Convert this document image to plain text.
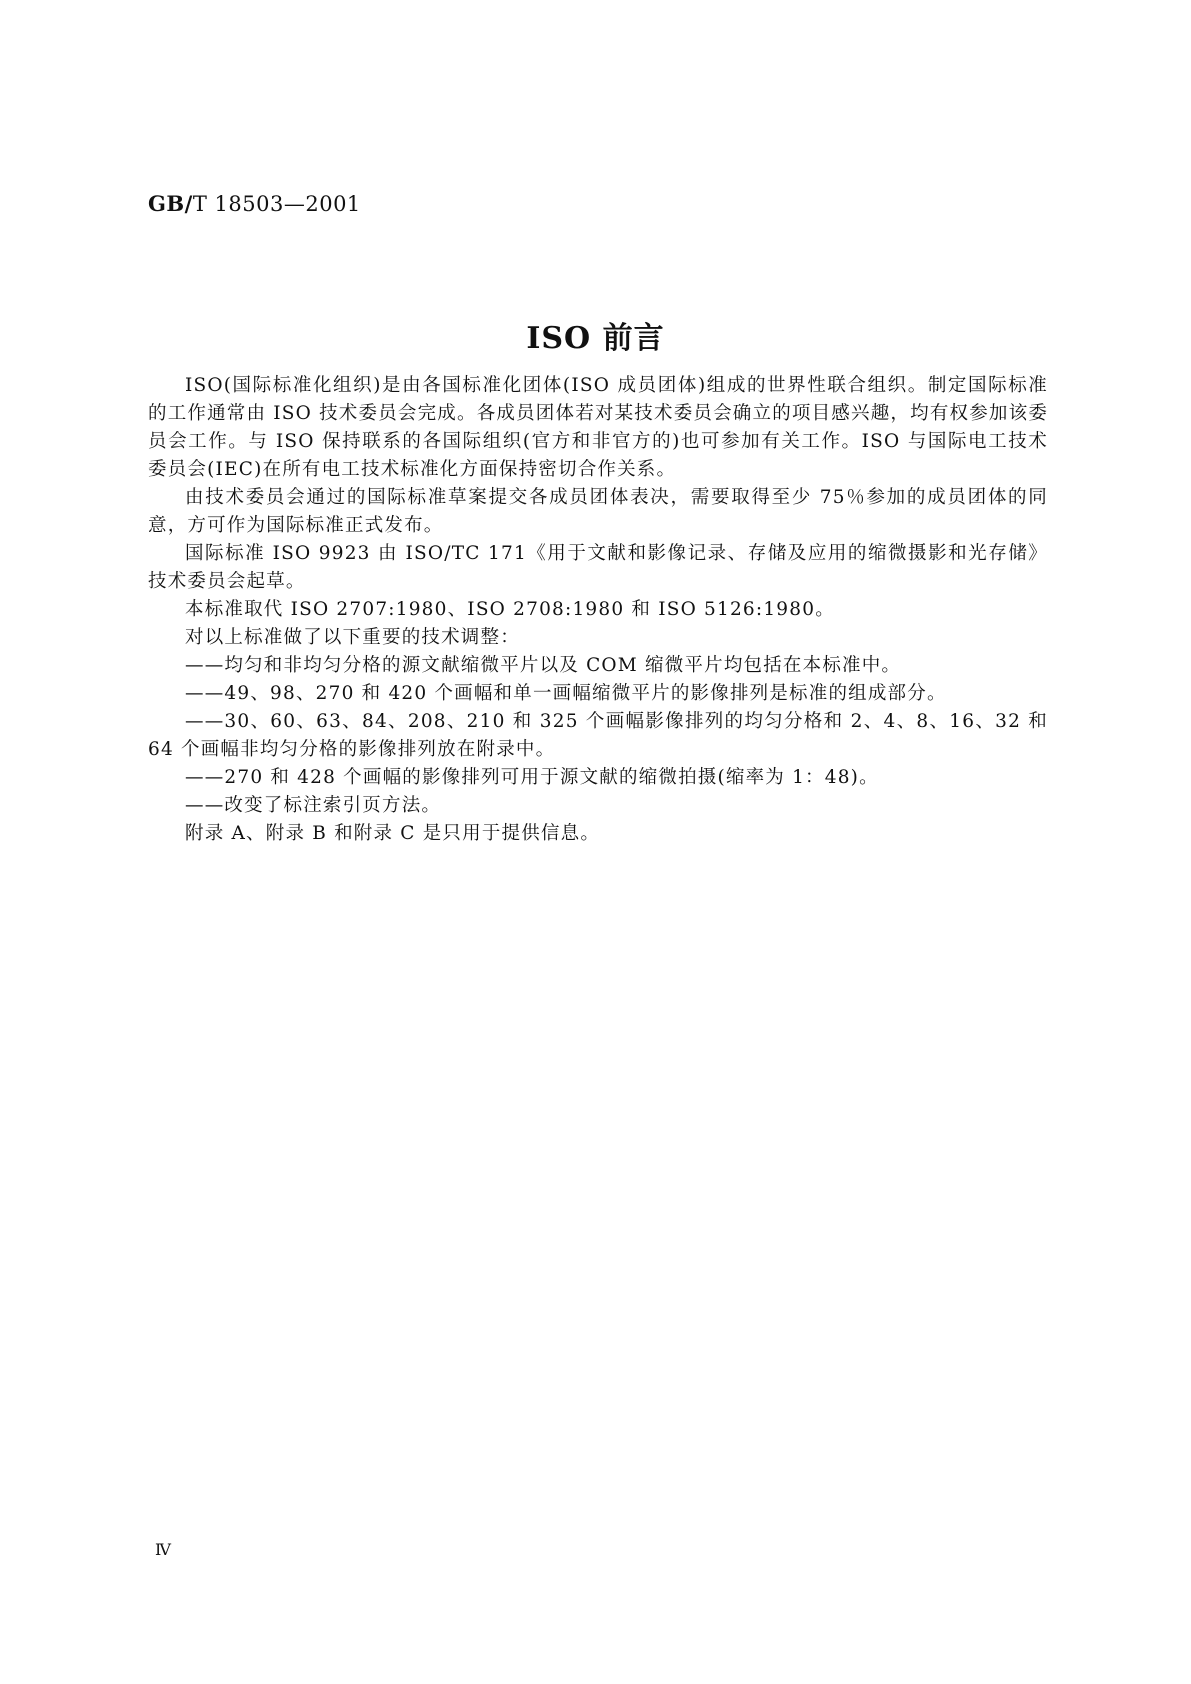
GB/T 18503—2001
ISO 前言

ISO(国际标准化组织)是由各国标准化团体(ISO 成员团体)组成的世界性联合组织。制定国际标准的工作通常由 ISO 技术委员会完成。各成员团体若对某技术委员会确立的项目感兴趣，均有权参加该委员会工作。与 ISO 保持联系的各国际组织(官方和非官方的)也可参加有关工作。ISO 与国际电工技术委员会(IEC)在所有电工技术标准化方面保持密切合作关系。

由技术委员会通过的国际标准草案提交各成员团体表决，需要取得至少 75％参加的成员团体的同意，方可作为国际标准正式发布。

国际标准 ISO 9923 由 ISO/TC 171《用于文献和影像记录、存储及应用的缩微摄影和光存储》技术委员会起草。

本标准取代 ISO 2707:1980、ISO 2708:1980 和 ISO 5126:1980。

对以上标准做了以下重要的技术调整：

——均匀和非均匀分格的源文献缩微平片以及 COM 缩微平片均包括在本标准中。

——49、98、270 和 420 个画幅和单一画幅缩微平片的影像排列是标准的组成部分。

——30、60、63、84、208、210 和 325 个画幅影像排列的均匀分格和 2、4、8、16、32 和 64 个画幅非均匀分格的影像排列放在附录中。

——270 和 428 个画幅的影像排列可用于源文献的缩微拍摄(缩率为 1：48)。

——改变了标注索引页方法。

附录 A、附录 B 和附录 C 是只用于提供信息。

Ⅳ
